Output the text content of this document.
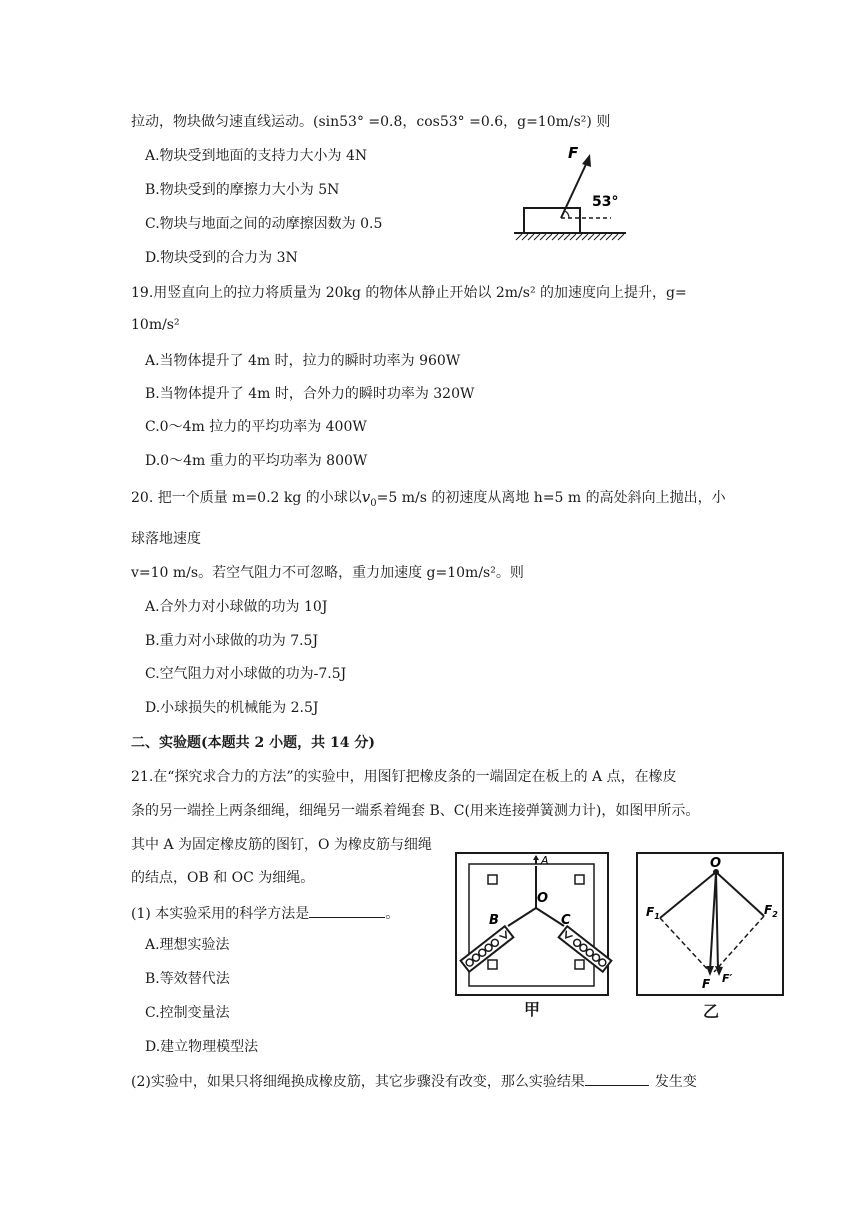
拉动，物块做匀速直线运动。(sin53° =0.8，cos53° =0.6，g=10m/s²) 则
A.物块受到地面的支持力大小为 4N
B.物块受到的摩擦力大小为 5N
C.物块与地面之间的动摩擦因数为 0.5
D.物块受到的合力为 3N
F
53°
19.用竖直向上的拉力将质量为 20kg 的物体从静止开始以 2m/s² 的加速度向上提升，g=
10m/s²
A.当物体提升了 4m 时，拉力的瞬时功率为 960W
B.当物体提升了 4m 时，合外力的瞬时功率为 320W
C.0～4m 拉力的平均功率为 400W
D.0～4m 重力的平均功率为 800W
20. 把一个质量 m=0.2 kg 的小球以$v_0=5$ m/s 的初速度从离地 h=5 m 的高处斜向上抛出，小
球落地速度
v=10 m/s。若空气阻力不可忽略，重力加速度 g=10m/s²。则
A.合外力对小球做的功为 10J
B.重力对小球做的功为 7.5J
C.空气阻力对小球做的功为-7.5J
D.小球损失的机械能为 2.5J
二、实验题(本题共 2 小题，共 14 分)
21.在“探究求合力的方法”的实验中，用图钉把橡皮条的一端固定在板上的 A 点，在橡皮
条的另一端拴上两条细绳，细绳另一端系着绳套 B、C(用来连接弹簧测力计)，如图甲所示。
其中 A 为固定橡皮筋的图钉，O 为橡皮筋与细绳
的结点，OB 和 OC 为细绳。
(1) 本实验采用的科学方法是	。
A.理想实验法
B.等效替代法
C.控制变量法
D.建立物理模型法
(2)实验中，如果只将细绳换成橡皮筋，其它步骤没有改变，那么实验结果	发生变
A
O
B	C
甲
O
$F_1$	$F_2$
F F′
乙
